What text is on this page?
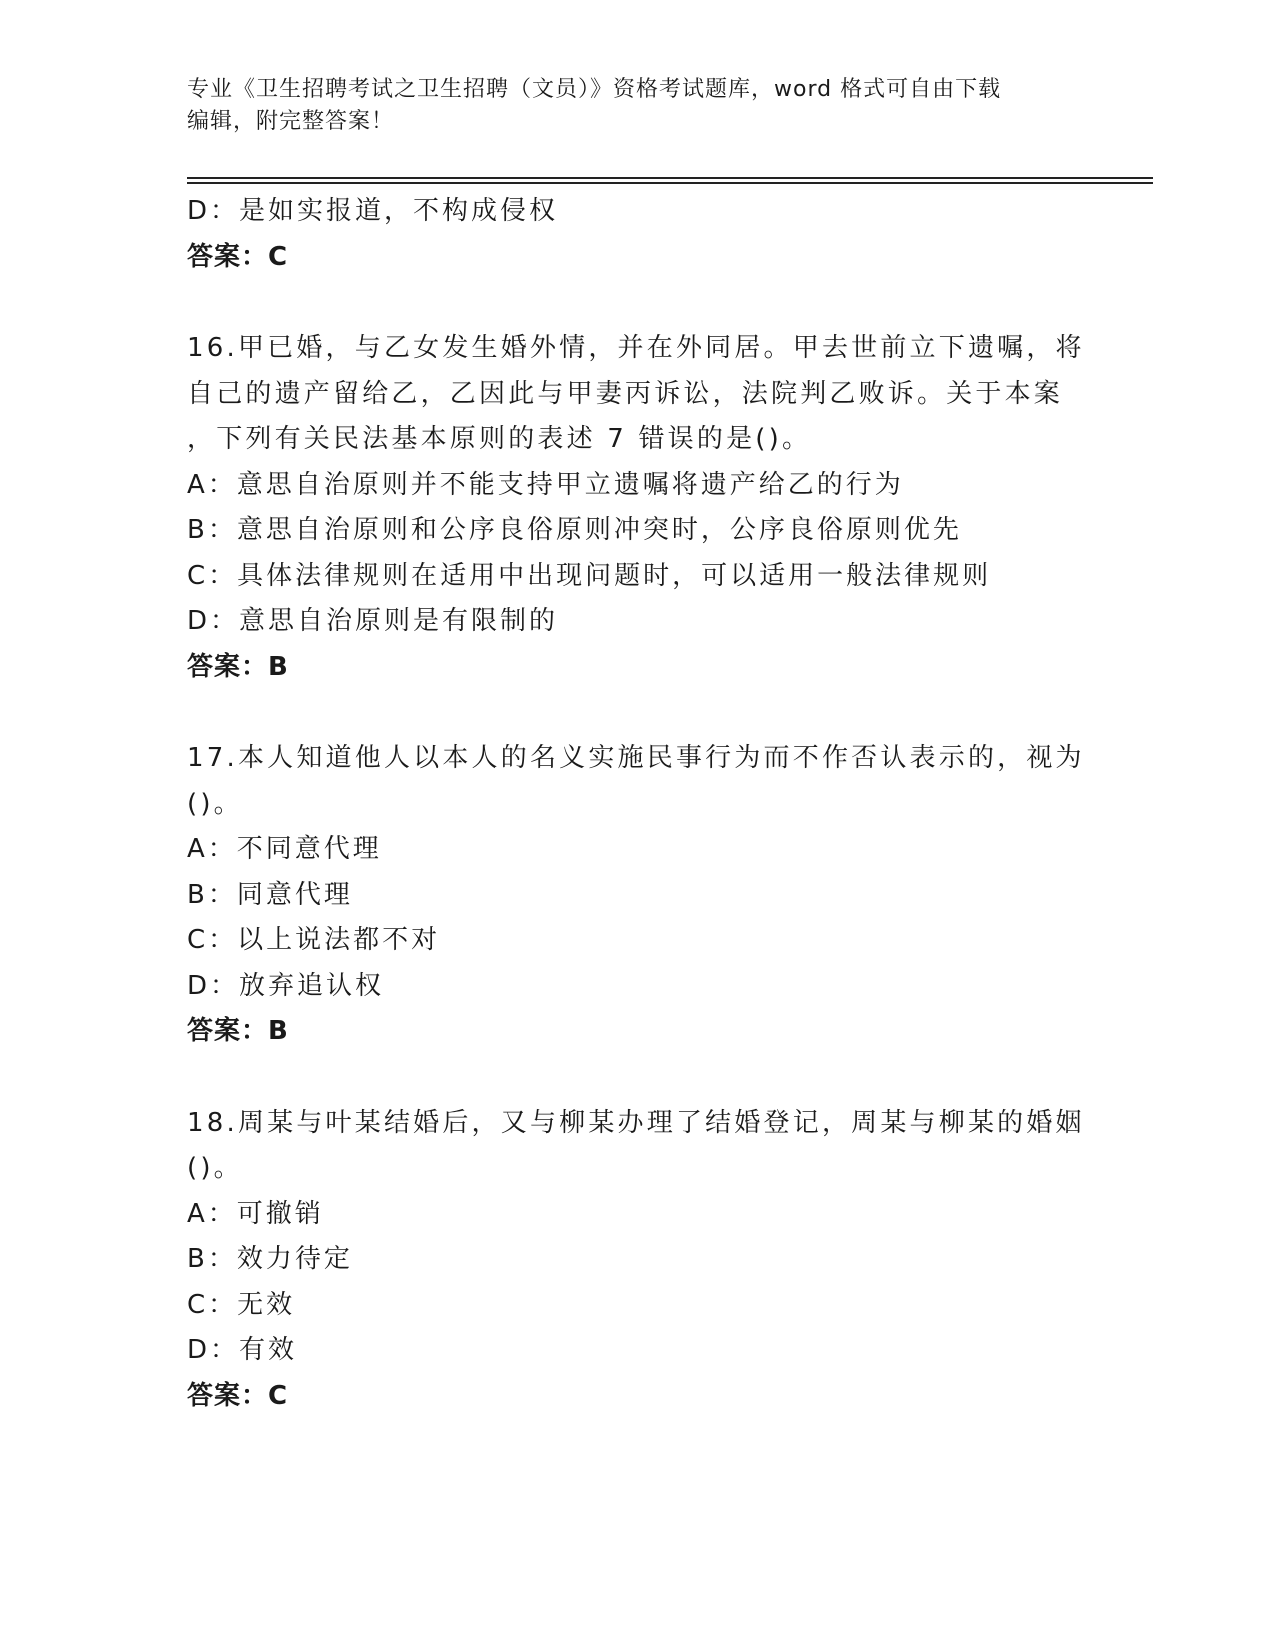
专业《卫生招聘考试之卫生招聘（文员）》资格考试题库，word 格式可自由下载
编辑，附完整答案！
D：是如实报道，不构成侵权
答案：C
16.甲已婚，与乙女发生婚外情，并在外同居。甲去世前立下遗嘱，将
自己的遗产留给乙，乙因此与甲妻丙诉讼，法院判乙败诉。关于本案
，下列有关民法基本原则的表述 7 错误的是()。
A：意思自治原则并不能支持甲立遗嘱将遗产给乙的行为
B：意思自治原则和公序良俗原则冲突时，公序良俗原则优先
C：具体法律规则在适用中出现问题时，可以适用一般法律规则
D：意思自治原则是有限制的
答案：B
17.本人知道他人以本人的名义实施民事行为而不作否认表示的，视为
()。
A：不同意代理
B：同意代理
C：以上说法都不对
D：放弃追认权
答案：B
18.周某与叶某结婚后，又与柳某办理了结婚登记，周某与柳某的婚姻
()。
A：可撤销
B：效力待定
C：无效
D：有效
答案：C
